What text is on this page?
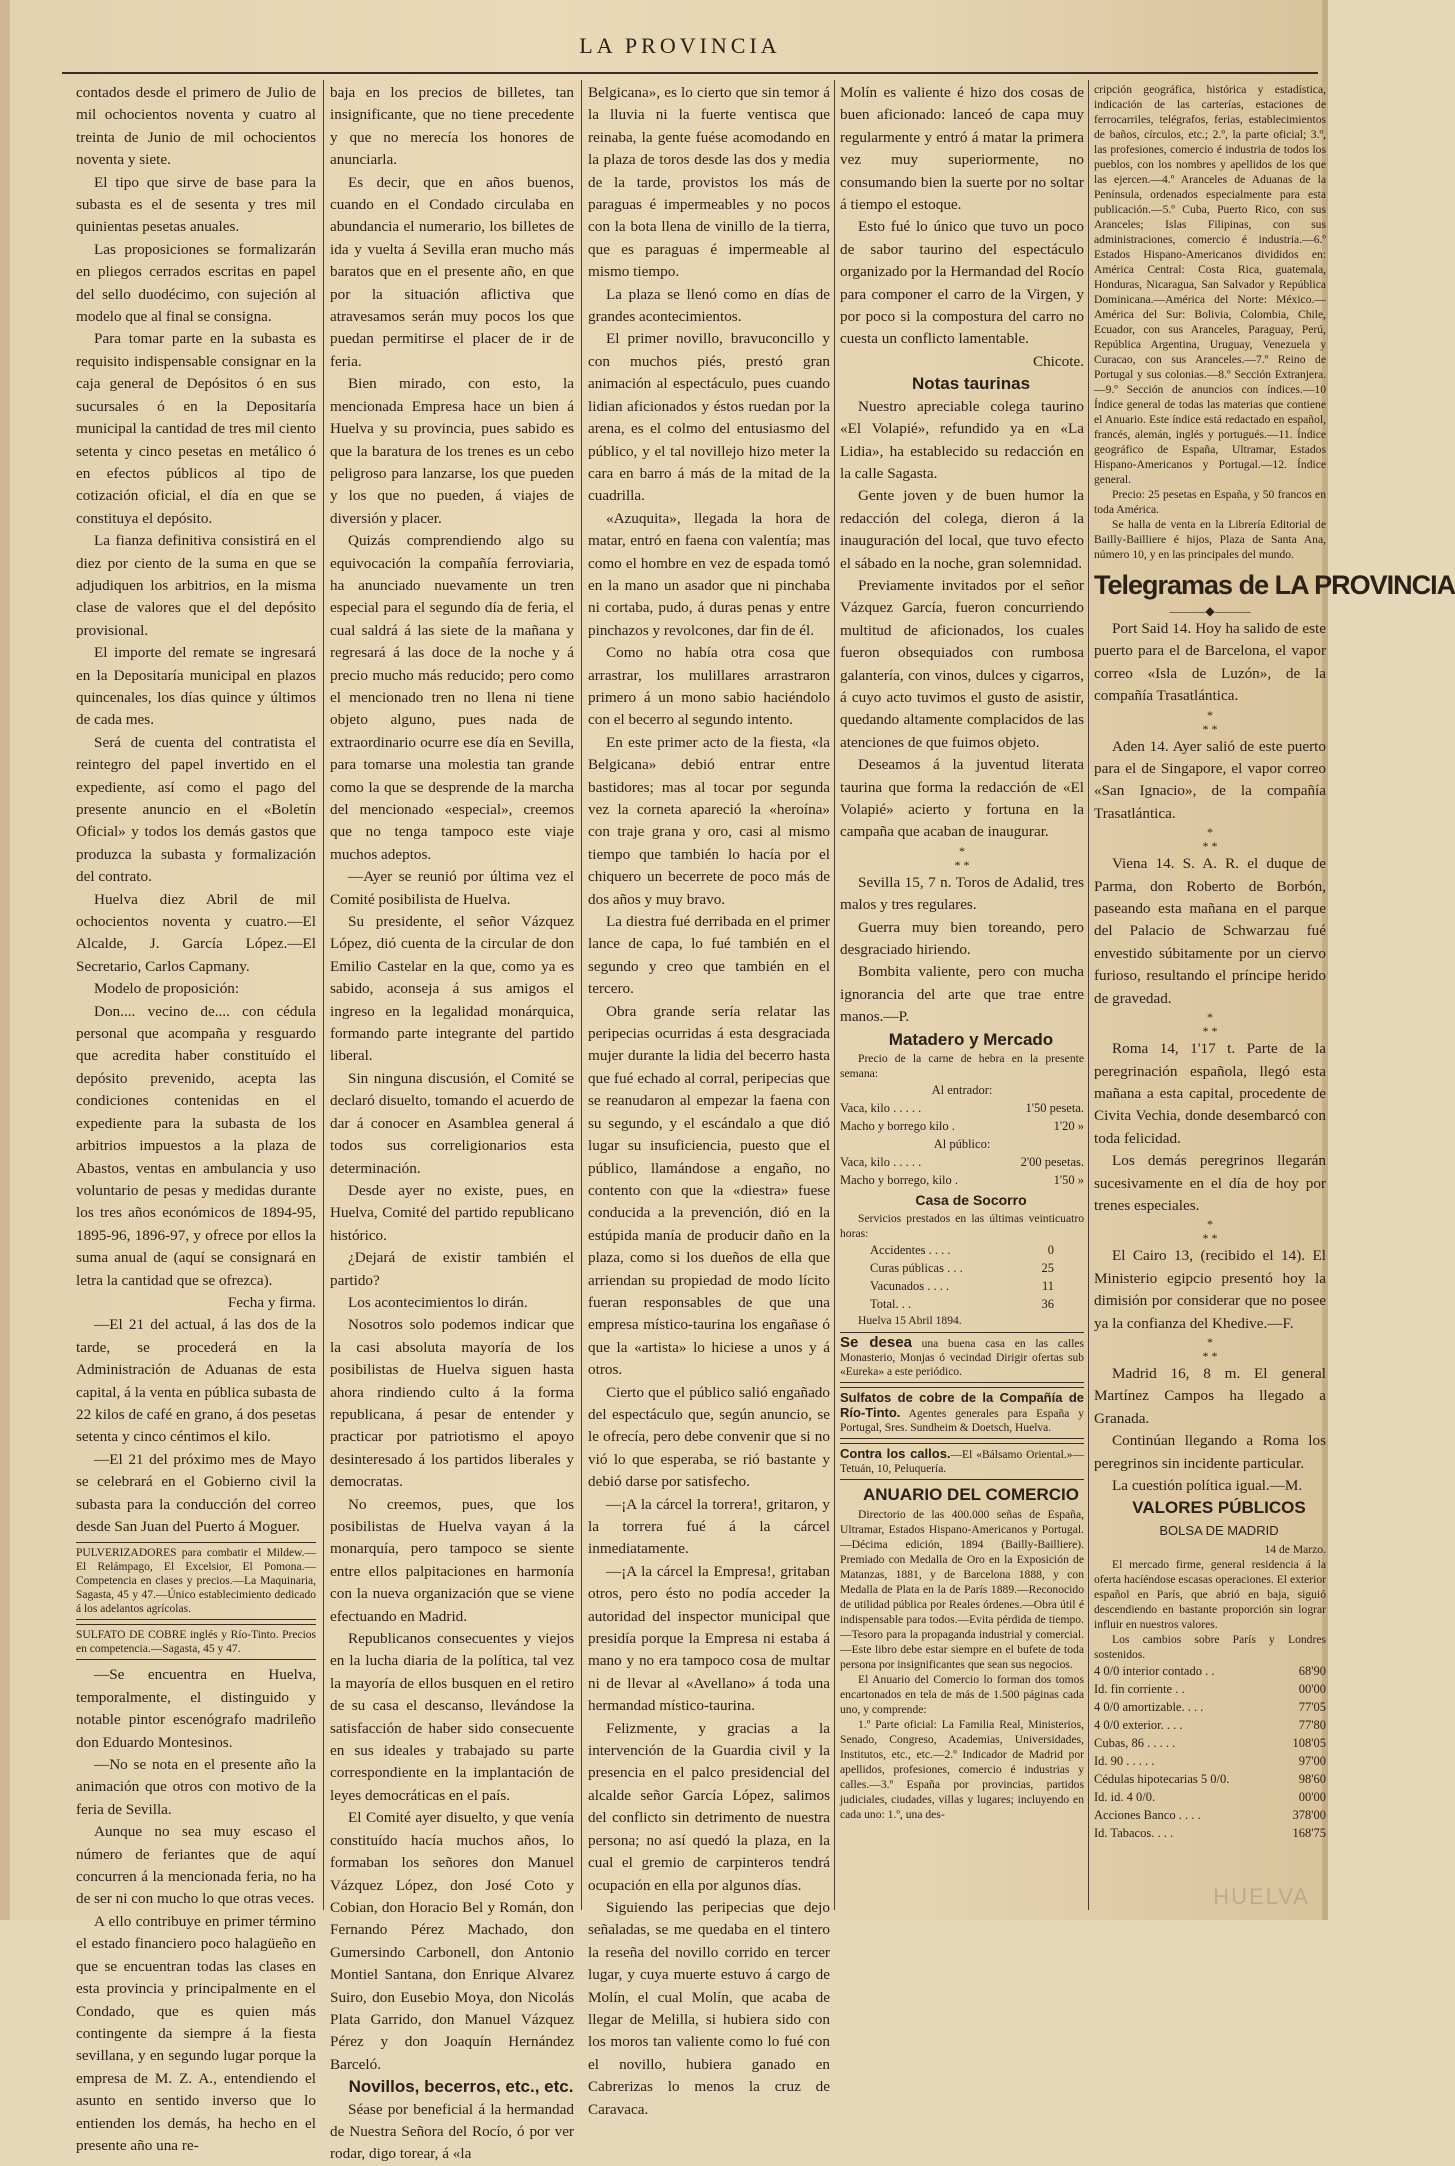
LA PROVINCIA

contados desde el primero de Julio de mil ochocientos noventa y cuatro al treinta de Junio de mil ochocientos noventa y siete.

El tipo que sirve de base para la subasta es el de sesenta y tres mil quinientas pesetas anuales.

Las proposiciones se formalizarán en pliegos cerrados escritas en papel del sello duodécimo, con sujeción al modelo que al final se consigna.

Para tomar parte en la subasta es requisito indispensable consignar en la caja general de Depósitos ó en sus sucursales ó en la Depositaría municipal la cantidad de tres mil ciento setenta y cinco pesetas en metálico ó en efectos públicos al tipo de cotización oficial, el día en que se constituya el depósito.

La fianza definitiva consistirá en el diez por ciento de la suma en que se adjudiquen los arbitrios, en la misma clase de valores que el del depósito provisional.

El importe del remate se ingresará en la Depositaría municipal en plazos quincenales, los días quince y últimos de cada mes.

Será de cuenta del contratista el reintegro del papel invertido en el expediente, así como el pago del presente anuncio en el «Boletín Oficial» y todos los demás gastos que produzca la subasta y formalización del contrato.

Huelva diez Abril de mil ochocientos noventa y cuatro.—El Alcalde, J. García López.—El Secretario, Carlos Capmany.

Modelo de proposición:

Don.... vecino de.... con cédula personal que acompaña y resguardo que acredita haber constituído el depósito prevenido, acepta las condiciones contenidas en el expediente para la subasta de los arbitrios impuestos a la plaza de Abastos, ventas en ambulancia y uso voluntario de pesas y medidas durante los tres años económicos de 1894-95, 1895-96, 1896-97, y ofrece por ellos la suma anual de (aquí se consignará en letra la cantidad que se ofrezca).

Fecha y firma.

—El 21 del actual, á las dos de la tarde, se procederá en la Administración de Aduanas de esta capital, á la venta en pública subasta de 22 kilos de café en grano, á dos pesetas setenta y cinco céntimos el kilo.

—El 21 del próximo mes de Mayo se celebrará en el Gobierno civil la subasta para la conducción del correo desde San Juan del Puerto á Moguer.

PULVERIZADORES para combatir el Mildew.—El Relámpago, El Excelsior, El Pomona.—Competencia en clases y precios.—La Maquinaria, Sagasta, 45 y 47.—Único establecimiento dedicado á los adelantos agrícolas.
SULFATO DE COBRE inglés y Río-Tinto. Precios en competencia.—Sagasta, 45 y 47.

—Se encuentra en Huelva, temporalmente, el distinguido y notable pintor escenógrafo madrileño don Eduardo Montesinos.

—No se nota en el presente año la animación que otros con motivo de la feria de Sevilla.

Aunque no sea muy escaso el número de feriantes que de aquí concurren á la mencionada feria, no ha de ser ni con mucho lo que otras veces.

A ello contribuye en primer término el estado financiero poco halagüeño en que se encuentran todas las clases en esta provincia y principalmente en el Condado, que es quien más contingente da siempre á la fiesta sevillana, y en segundo lugar porque la empresa de M. Z. A., entendiendo el asunto en sentido inverso que lo entienden los demás, ha hecho en el presente año una re-

baja en los precios de billetes, tan insignificante, que no tiene precedente y que no merecía los honores de anunciarla.

Es decir, que en años buenos, cuando en el Condado circulaba en abundancia el numerario, los billetes de ida y vuelta á Sevilla eran mucho más baratos que en el presente año, en que por la situación aflictiva que atravesamos serán muy pocos los que puedan permitirse el placer de ir de feria.

Bien mirado, con esto, la mencionada Empresa hace un bien á Huelva y su provincia, pues sabido es que la baratura de los trenes es un cebo peligroso para lanzarse, los que pueden y los que no pueden, á viajes de diversión y placer.

Quizás comprendiendo algo su equivocación la compañía ferroviaria, ha anunciado nuevamente un tren especial para el segundo día de feria, el cual saldrá á las siete de la mañana y regresará á las doce de la noche y á precio mucho más reducido; pero como el mencionado tren no llena ni tiene objeto alguno, pues nada de extraordinario ocurre ese día en Sevilla, para tomarse una molestia tan grande como la que se desprende de la marcha del mencionado «especial», creemos que no tenga tampoco este viaje muchos adeptos.

—Ayer se reunió por última vez el Comité posibilista de Huelva.

Su presidente, el señor Vázquez López, dió cuenta de la circular de don Emilio Castelar en la que, como ya es sabido, aconseja á sus amigos el ingreso en la legalidad monárquica, formando parte integrante del partido liberal.

Sin ninguna discusión, el Comité se declaró disuelto, tomando el acuerdo de dar á conocer en Asamblea general á todos sus correligionarios esta determinación.

Desde ayer no existe, pues, en Huelva, Comité del partido republicano histórico.

¿Dejará de existir también el partido?

Los acontecimientos lo dirán.

Nosotros solo podemos indicar que la casi absoluta mayoría de los posibilistas de Huelva siguen hasta ahora rindiendo culto á la forma republicana, á pesar de entender y practicar por patriotismo el apoyo desinteresado á los partidos liberales y democratas.

No creemos, pues, que los posibilistas de Huelva vayan á la monarquía, pero tampoco se siente entre ellos palpitaciones en harmonía con la nueva organización que se viene efectuando en Madrid.

Republicanos consecuentes y viejos en la lucha diaria de la política, tal vez la mayoría de ellos busquen en el retiro de su casa el descanso, llevándose la satisfacción de haber sido consecuente en sus ideales y trabajado su parte correspondiente en la implantación de leyes democráticas en el país.

El Comité ayer disuelto, y que venía constituído hacía muchos años, lo formaban los señores don Manuel Vázquez López, don José Coto y Cobian, don Horacio Bel y Román, don Fernando Pérez Machado, don Gumersindo Carbonell, don Antonio Montiel Santana, don Enrique Alvarez Suiro, don Eusebio Moya, don Nicolás Plata Garrido, don Manuel Vázquez Pérez y don Joaquín Hernández Barceló.

Novillos, becerros, etc., etc.

Séase por beneficial á la hermandad de Nuestra Señora del Rocío, ó por ver rodar, digo torear, á «la

Belgicana», es lo cierto que sin temor á la lluvia ni la fuerte ventisca que reinaba, la gente fuése acomodando en la plaza de toros desde las dos y media de la tarde, provistos los más de paraguas é impermeables y no pocos con la bota llena de vinillo de la tierra, que es paraguas é impermeable al mismo tiempo.

La plaza se llenó como en días de grandes acontecimientos.

El primer novillo, bravuconcillo y con muchos piés, prestó gran animación al espectáculo, pues cuando lidian aficionados y éstos ruedan por la arena, es el colmo del entusiasmo del público, y el tal novillejo hizo meter la cara en barro á más de la mitad de la cuadrilla.

«Azuquita», llegada la hora de matar, entró en faena con valentía; mas como el hombre en vez de espada tomó en la mano un asador que ni pinchaba ni cortaba, pudo, á duras penas y entre pinchazos y revolcones, dar fin de él.

Como no había otra cosa que arrastrar, los mulillares arrastraron primero á un mono sabio haciéndolo con el becerro al segundo intento.

En este primer acto de la fiesta, «la Belgicana» debió entrar entre bastidores; mas al tocar por segunda vez la corneta apareció la «heroína» con traje grana y oro, casi al mismo tiempo que también lo hacía por el chiquero un becerrete de poco más de dos años y muy bravo.

La diestra fué derribada en el primer lance de capa, lo fué también en el segundo y creo que también en el tercero.

Obra grande sería relatar las peripecias ocurridas á esta desgraciada mujer durante la lidia del becerro hasta que fué echado al corral, peripecias que se reanudaron al empezar la faena con su segundo, y el escándalo a que dió lugar su insuficiencia, puesto que el público, llamándose a engaño, no contento con que la «diestra» fuese conducida a la prevención, dió en la estúpida manía de producir daño en la plaza, como si los dueños de ella que arriendan su propiedad de modo lícito fueran responsables de que una empresa místico-taurina los engañase ó que la «artista» lo hiciese a unos y á otros.

Cierto que el público salió engañado del espectáculo que, según anuncio, se le ofrecía, pero debe convenir que si no vió lo que esperaba, se rió bastante y debió darse por satisfecho.

—¡A la cárcel la torrera!, gritaron, y la torrera fué á la cárcel inmediatamente.

—¡A la cárcel la Empresa!, gritaban otros, pero ésto no podía acceder la autoridad del inspector municipal que presidía porque la Empresa ni estaba á mano y no era tampoco cosa de multar ni de llevar al «Avellano» á toda una hermandad místico-taurina.

Felizmente, y gracias a la intervención de la Guardia civil y la presencia en el palco presidencial del alcalde señor García López, salimos del conflicto sin detrimento de nuestra persona; no así quedó la plaza, en la cual el gremio de carpinteros tendrá ocupación en ella por algunos días.

Siguiendo las peripecias que dejo señaladas, se me quedaba en el tintero la reseña del novillo corrido en tercer lugar, y cuya muerte estuvo á cargo de Molín, el cual Molín, que acaba de llegar de Melilla, si hubiera sido con los moros tan valiente como lo fué con el novillo, hubiera ganado en Cabrerizas lo menos la cruz de Caravaca.

Molín es valiente é hizo dos cosas de buen aficionado: lanceó de capa muy regularmente y entró á matar la primera vez muy superiormente, no consumando bien la suerte por no soltar á tiempo el estoque.

Esto fué lo único que tuvo un poco de sabor taurino del espectáculo organizado por la Hermandad del Rocío para componer el carro de la Virgen, y por poco si la compostura del carro no cuesta un conflicto lamentable.

Chicote.

Notas taurinas

Nuestro apreciable colega taurino «El Volapié», refundido ya en «La Lidia», ha establecido su redacción en la calle Sagasta.

Gente joven y de buen humor la redacción del colega, dieron á la inauguración del local, que tuvo efecto el sábado en la noche, gran solemnidad.

Previamente invitados por el señor Vázquez García, fueron concurriendo multitud de aficionados, los cuales fueron obsequiados con rumbosa galantería, con vinos, dulces y cigarros, á cuyo acto tuvimos el gusto de asistir, quedando altamente complacidos de las atenciones de que fuimos objeto.

Deseamos á la juventud literata taurina que forma la redacción de «El Volapié» acierto y fortuna en la campaña que acaban de inaugurar.

*
* *

Sevilla 15, 7 n. Toros de Adalid, tres malos y tres regulares.

Guerra muy bien toreando, pero desgraciado hiriendo.

Bombita valiente, pero con mucha ignorancia del arte que trae entre manos.—P.

Matadero y Mercado

Precio de la carne de hebra en la presente semana:

Al entrador:
Vaca, kilo . . . . .	1'50 peseta.
Macho y borrego kilo .	1'20 »
Al público:
Vaca, kilo . . . . .	2'00 pesetas.
Macho y borrego, kilo .	1'50 »

Casa de Socorro

Servicios prestados en las últimas veinticuatro horas:

Accidentes . . . .	0
Curas públicas . . .	25
Vacunados . . . .	11
Total. . .	36

Huelva 15 Abril 1894.

Se desea una buena casa en las calles Monasterio, Monjas ó vecindad Dirigir ofertas sub «Eureka» a este periódico.
Sulfatos de cobre de la Compañía de Río-Tinto. Agentes generales para España y Portugal, Sres. Sundheim & Doetsch, Huelva.
Contra los callos.—El «Bálsamo Oriental.»—Tetuán, 10, Peluquería.

ANUARIO DEL COMERCIO

Directorio de las 400.000 señas de España, Ultramar, Estados Hispano-Americanos y Portugal.—Décima edición, 1894 (Bailly-Bailliere). Premiado con Medalla de Oro en la Exposición de Matanzas, 1881, y de Barcelona 1888, y con Medalla de Plata en la de París 1889.—Reconocido de utilidad pública por Reales órdenes.—Obra útil é indispensable para todos.—Evita pérdida de tiempo.—Tesoro para la propaganda industrial y comercial.—Este libro debe estar siempre en el bufete de toda persona por insignificantes que sean sus negocios.

El Anuario del Comercio lo forman dos tomos encartonados en tela de más de 1.500 páginas cada uno, y comprende:

1.º Parte oficial: La Familia Real, Ministerios, Senado, Congreso, Academias, Universidades, Institutos, etc., etc.—2.º Indicador de Madrid por apellidos, profesiones, comercio é industrias y calles.—3.º España por provincias, partidos judiciales, ciudades, villas y lugares; incluyendo en cada uno: 1.º, una des-

cripción geográfica, histórica y estadística, indicación de las carterías, estaciones de ferrocarriles, telégrafos, ferias, establecimientos de baños, círculos, etc.; 2.º, la parte oficial; 3.º, las profesiones, comercio é industria de todos los pueblos, con los nombres y apellidos de los que las ejercen.—4.º Aranceles de Aduanas de la Península, ordenados especialmente para esta publicación.—5.º Cuba, Puerto Rico, con sus Aranceles; Islas Filipinas, con sus administraciones, comercio é industria.—6.º Estados Hispano-Americanos divididos en: América Central: Costa Rica, guatemala, Honduras, Nicaragua, San Salvador y República Dominicana.—América del Norte: México.—América del Sur: Bolivia, Colombia, Chile, Ecuador, con sus Aranceles, Paraguay, Perú, República Argentina, Uruguay, Venezuela y Curacao, con sus Aranceles.—7.º Reino de Portugal y sus colonias.—8.º Sección Extranjera.—9.º Sección de anuncios con índices.—10 Índice general de todas las materias que contiene el Anuario. Este índice está redactado en español, francés, alemán, inglés y portugués.—11. Índice geográfico de España, Ultramar, Estados Hispano-Americanos y Portugal.—12. Índice general.

Precio: 25 pesetas en España, y 50 francos en toda América.

Se halla de venta en la Librería Editorial de Bailly-Bailliere é hijos, Plaza de Santa Ana, número 10, y en las principales del mundo.

Telegramas de LA PROVINCIA

———◆———

Port Said 14. Hoy ha salido de este puerto para el de Barcelona, el vapor correo «Isla de Luzón», de la compañía Trasatlántica.

*
* *

Aden 14. Ayer salió de este puerto para el de Singapore, el vapor correo «San Ignacio», de la compañía Trasatlántica.

*
* *

Viena 14. S. A. R. el duque de Parma, don Roberto de Borbón, paseando esta mañana en el parque del Palacio de Schwarzau fué envestido súbitamente por un ciervo furioso, resultando el príncipe herido de gravedad.

*
* *

Roma 14, 1'17 t. Parte de la peregrinación española, llegó esta mañana a esta capital, procedente de Civita Vechia, donde desembarcó con toda felicidad.

Los demás peregrinos llegarán sucesivamente en el día de hoy por trenes especiales.

*
* *

El Cairo 13, (recibido el 14). El Ministerio egipcio presentó hoy la dimisión por considerar que no posee ya la confianza del Khedive.—F.

*
* *

Madrid 16, 8 m. El general Martínez Campos ha llegado a Granada.

Continúan llegando a Roma los peregrinos sin incidente particular.

La cuestión política igual.—M.

VALORES PÚBLICOS

BOLSA DE MADRID

14 de Marzo.

El mercado firme, general residencia á la oferta hacíéndose escasas operaciones. El exterior español en París, que abrió en baja, siguió descendiendo en bastante proporción sin lograr influir en nuestros valores.

Los cambios sobre París y Londres sostenidos.

4 0/0 interior contado . .	68'90
Id. fin corriente . .	00'00
4 0/0 amortizable. . . .	77'05
4 0/0 exterior. . . .	77'80
Cubas, 86 . . . . .	108'05
Id. 90 . . . . .	97'00
Cédulas hipotecarias 5 0/0.	98'60
Id. id. 4 0/0.	00'00
Acciones Banco . . . .	378'00
Id. Tabacos. . . .	168'75
HUELVA
